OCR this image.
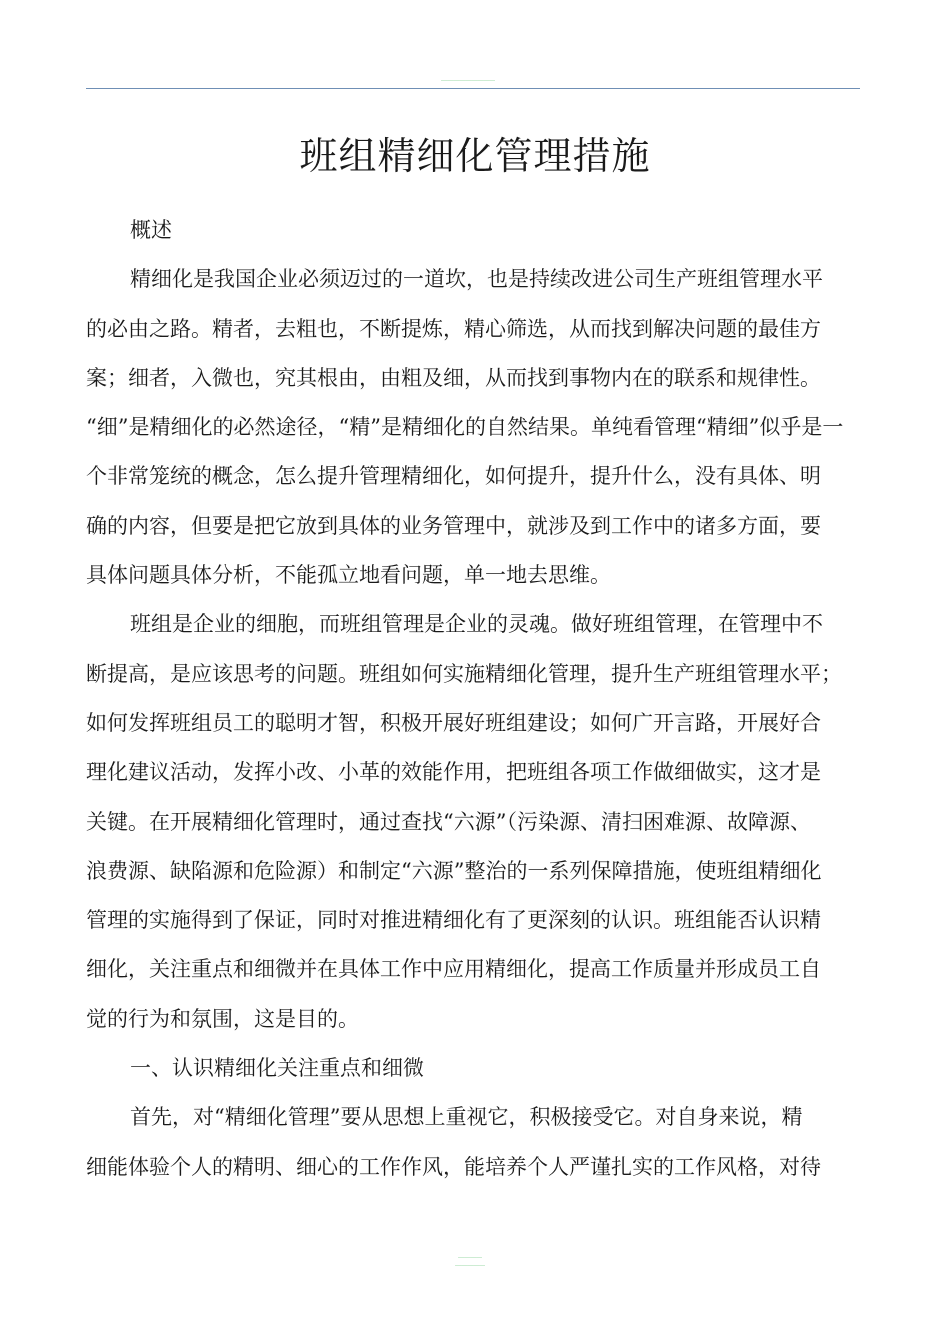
………………………
…………………………
班组精细化管理措施
概述
精细化是我国企业必须迈过的一道坎，也是持续改进公司生产班组管理水平
的必由之路。精者，去粗也，不断提炼，精心筛选，从而找到解决问题的最佳方
案；细者，入微也，究其根由，由粗及细，从而找到事物内在的联系和规律性。
“细”是精细化的必然途径，“精”是精细化的自然结果。单纯看管理“精细”似乎是一
个非常笼统的概念，怎么提升管理精细化，如何提升，提升什么，没有具体、明
确的内容，但要是把它放到具体的业务管理中，就涉及到工作中的诸多方面，要
具体问题具体分析，不能孤立地看问题，单一地去思维。
班组是企业的细胞，而班组管理是企业的灵魂。做好班组管理，在管理中不
断提高，是应该思考的问题。班组如何实施精细化管理，提升生产班组管理水平；
如何发挥班组员工的聪明才智，积极开展好班组建设；如何广开言路，开展好合
理化建议活动，发挥小改、小革的效能作用，把班组各项工作做细做实，这才是
关键。在开展精细化管理时，通过查找“六源”（污染源、清扫困难源、故障源、
浪费源、缺陷源和危险源）和制定“六源”整治的一系列保障措施，使班组精细化
管理的实施得到了保证，同时对推进精细化有了更深刻的认识。班组能否认识精
细化，关注重点和细微并在具体工作中应用精细化，提高工作质量并形成员工自
觉的行为和氛围，这是目的。
一、认识精细化关注重点和细微
首先，对“精细化管理”要从思想上重视它，积极接受它。对自身来说，精
细能体验个人的精明、细心的工作作风，能培养个人严谨扎实的工作风格，对待
…………
……………
